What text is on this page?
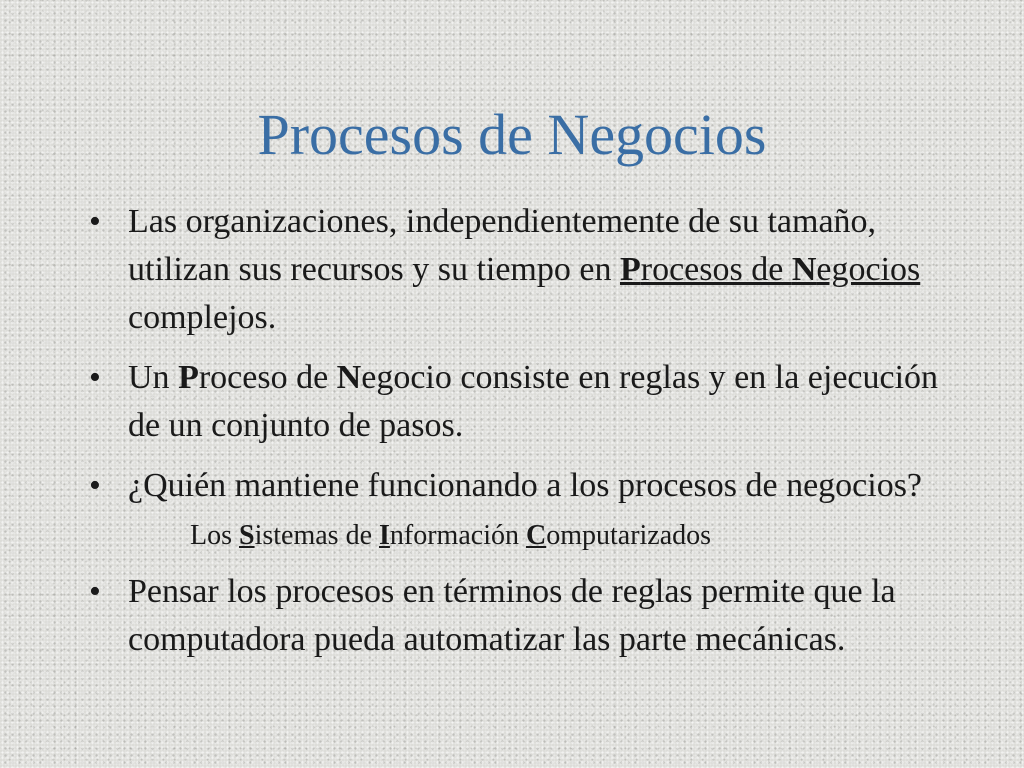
Procesos de Negocios
• Las organizaciones, independientemente de su tamaño, utilizan sus recursos y su tiempo en Procesos de Negocios complejos.
• Un Proceso de Negocio consiste en reglas y en la ejecución de un conjunto de pasos.
• ¿Quién mantiene funcionando a los procesos de negocios?
Los Sistemas de Información Computarizados
• Pensar los procesos en términos de reglas permite que la computadora pueda automatizar las parte mecánicas.
